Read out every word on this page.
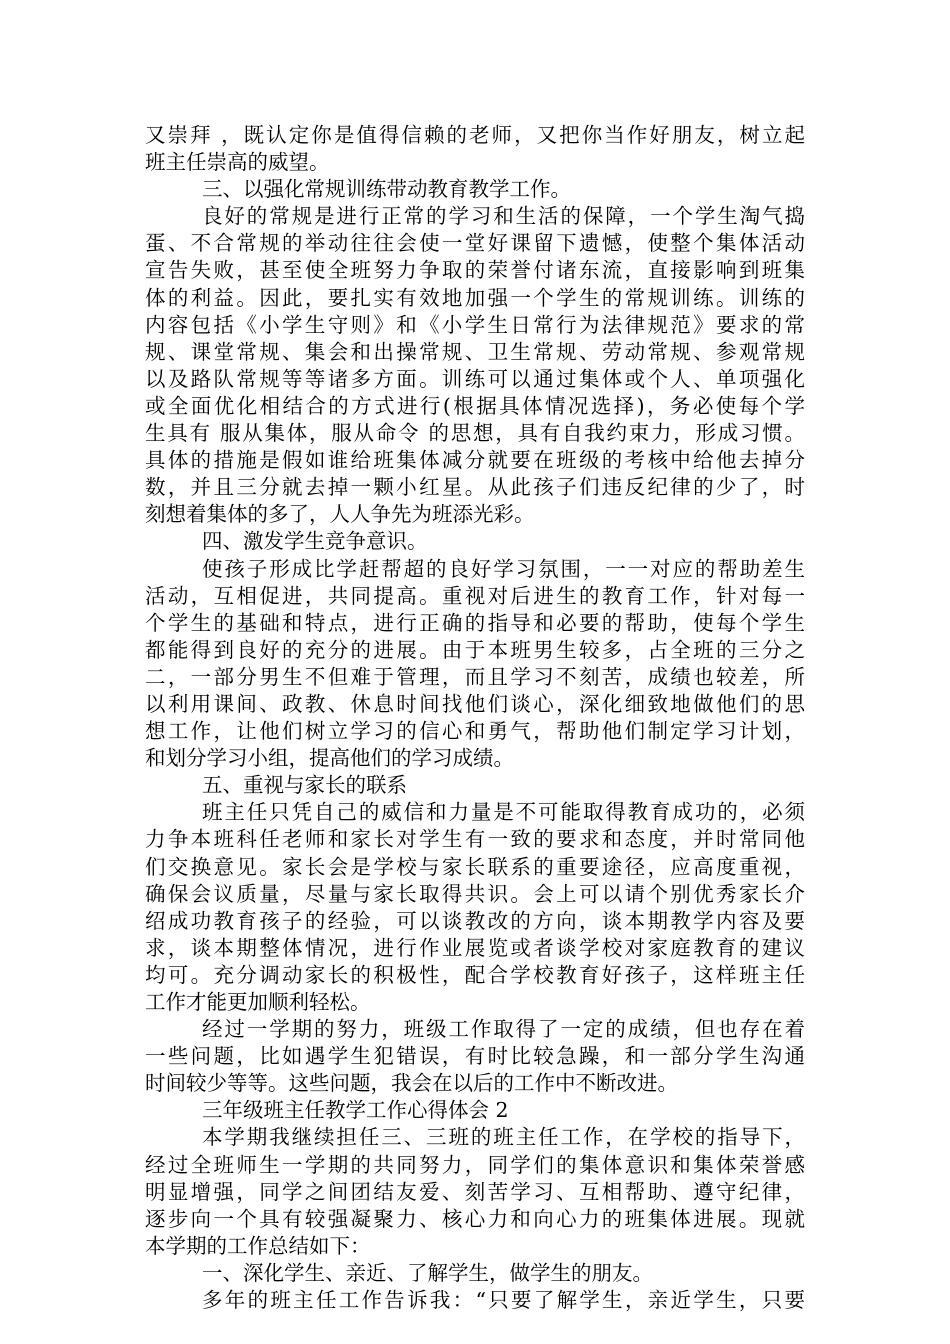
又崇拜 ，既认定你是值得信赖的老师，又把你当作好朋友，树立起
班主任崇高的威望。
三、以强化常规训练带动教育教学工作。
良好的常规是进行正常的学习和生活的保障，一个学生淘气捣
蛋、不合常规的举动往往会使一堂好课留下遗憾，使整个集体活动
宣告失败，甚至使全班努力争取的荣誉付诸东流，直接影响到班集
体的利益。因此，要扎实有效地加强一个学生的常规训练。训练的
内容包括《小学生守则》和《小学生日常行为法律规范》要求的常
规、课堂常规、集会和出操常规、卫生常规、劳动常规、参观常规
以及路队常规等等诸多方面。训练可以通过集体或个人、单项强化
或全面优化相结合的方式进行(根据具体情况选择)，务必使每个学
生具有 服从集体，服从命令 的思想，具有自我约束力，形成习惯。
具体的措施是假如谁给班集体减分就要在班级的考核中给他去掉分
数，并且三分就去掉一颗小红星。从此孩子们违反纪律的少了，时
刻想着集体的多了，人人争先为班添光彩。
四、激发学生竞争意识。
使孩子形成比学赶帮超的良好学习氛围，一一对应的帮助差生
活动，互相促进，共同提高。重视对后进生的教育工作，针对每一
个学生的基础和特点，进行正确的指导和必要的帮助，使每个学生
都能得到良好的充分的进展。由于本班男生较多，占全班的三分之
二，一部分男生不但难于管理，而且学习不刻苦，成绩也较差，所
以利用课间、政教、休息时间找他们谈心，深化细致地做他们的思
想工作，让他们树立学习的信心和勇气，帮助他们制定学习计划，
和划分学习小组，提高他们的学习成绩。
五、重视与家长的联系
班主任只凭自己的威信和力量是不可能取得教育成功的，必须
力争本班科任老师和家长对学生有一致的要求和态度，并时常同他
们交换意见。家长会是学校与家长联系的重要途径，应高度重视，
确保会议质量，尽量与家长取得共识。会上可以请个别优秀家长介
绍成功教育孩子的经验，可以谈教改的方向，谈本期教学内容及要
求，谈本期整体情况，进行作业展览或者谈学校对家庭教育的建议
均可。充分调动家长的积极性，配合学校教育好孩子，这样班主任
工作才能更加顺利轻松。
经过一学期的努力，班级工作取得了一定的成绩，但也存在着
一些问题，比如遇学生犯错误，有时比较急躁，和一部分学生沟通
时间较少等等。这些问题，我会在以后的工作中不断改进。
三年级班主任教学工作心得体会 2
本学期我继续担任三、三班的班主任工作，在学校的指导下，
经过全班师生一学期的共同努力，同学们的集体意识和集体荣誉感
明显增强，同学之间团结友爱、刻苦学习、互相帮助、遵守纪律，
逐步向一个具有较强凝聚力、核心力和向心力的班集体进展。现就
本学期的工作总结如下：
一、深化学生、亲近、了解学生，做学生的朋友。
多年的班主任工作告诉我：“只要了解学生，亲近学生，只要
